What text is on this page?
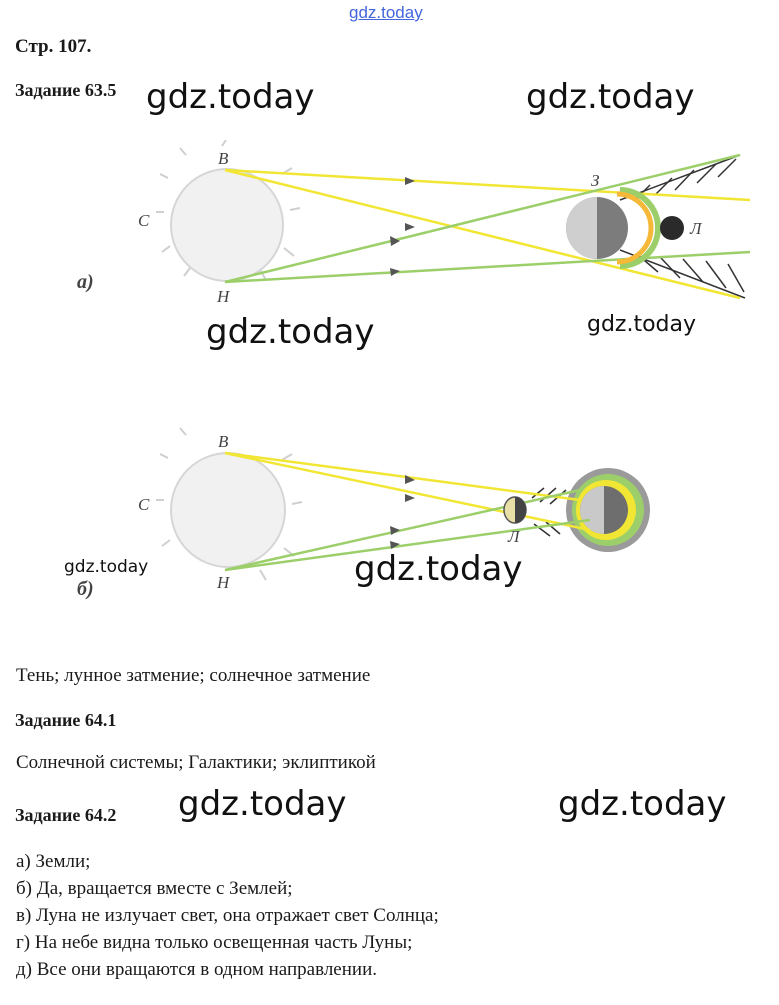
gdz.today
Стр. 107.
Задание 63.5 gdz.today	gdz.today
gdz.today	gdz.today
gdz.today	gdz.today
gdz.today	gdz.today
В
Н
С
З
Л
а)
В
Н
С
Л
б)
Тень; лунное затмение; солнечное затмение
Задание 64.1
Солнечной системы; Галактики; эклиптикой
Задание 64.2
а) Земли;
б) Да, вращается вместе с Землей;
в) Луна не излучает свет, она отражает свет Солнца;
г) На небе видна только освещенная часть Луны;
д) Все они вращаются в одном направлении.
